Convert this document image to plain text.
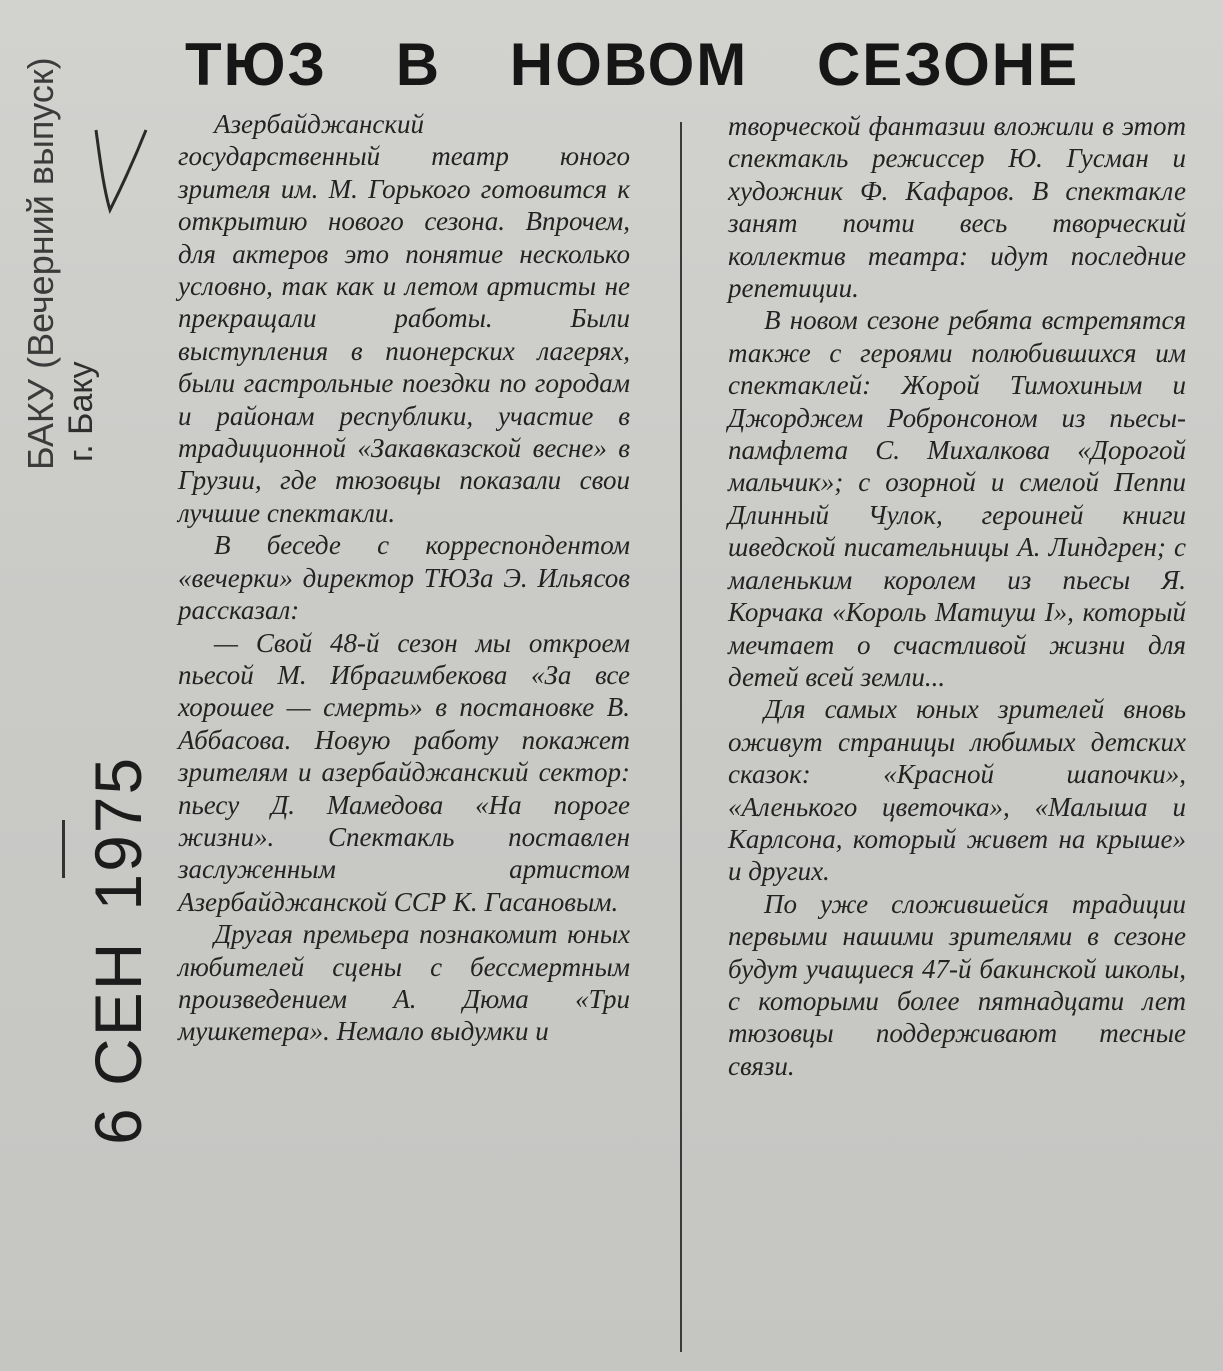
БАКУ (Вечерний выпуск) г. Баку
6 СЕН1975
ТЮЗ В НОВОМ СЕЗОНЕ

Азербайджанский государственный театр юного зрителя им. М. Горького готовится к открытию нового сезона. Впрочем, для актеров это понятие несколько условно, так как и летом артисты не прекращали работы. Были выступления в пионерских лагерях, были гастрольные поездки по городам и районам республики, участие в традиционной «Закавказской весне» в Грузии, где тюзовцы показали свои лучшие спектакли.

В беседе с корреспондентом «вечерки» директор ТЮЗа Э. Ильясов рассказал:

— Свой 48-й сезон мы откроем пьесой М. Ибрагимбекова «За все хорошее — смерть» в постановке В. Аббасова. Новую работу покажет зрителям и азербайджанский сектор: пьесу Д. Мамедова «На пороге жизни». Спектакль поставлен заслуженным артистом Азербайджанской ССР К. Гасановым.

Другая премьера познакомит юных любителей сцены с бессмертным произведением А. Дюма «Три мушкетера». Немало выдумки и

творческой фантазии вложили в этот спектакль режиссер Ю. Гусман и художник Ф. Кафаров. В спектакле занят почти весь творческий коллектив театра: идут последние репетиции.

В новом сезоне ребята встретятся также с героями полюбившихся им спектаклей: Жорой Тимохиным и Джорджем Робронсоном из пьесы-памфлета С. Михалкова «Дорогой мальчик»; с озорной и смелой Пеппи Длинный Чулок, героиней книги шведской писательницы А. Линдгрен; с маленьким королем из пьесы Я. Корчака «Король Матиуш I», который мечтает о счастливой жизни для детей всей земли...

Для самых юных зрителей вновь оживут страницы любимых детских сказок: «Красной шапочки», «Аленького цветочка», «Малыша и Карлсона, который живет на крыше» и других.

По уже сложившейся традиции первыми нашими зрителями в сезоне будут учащиеся 47-й бакинской школы, с которыми более пятнадцати лет тюзовцы поддерживают тесные связи.
